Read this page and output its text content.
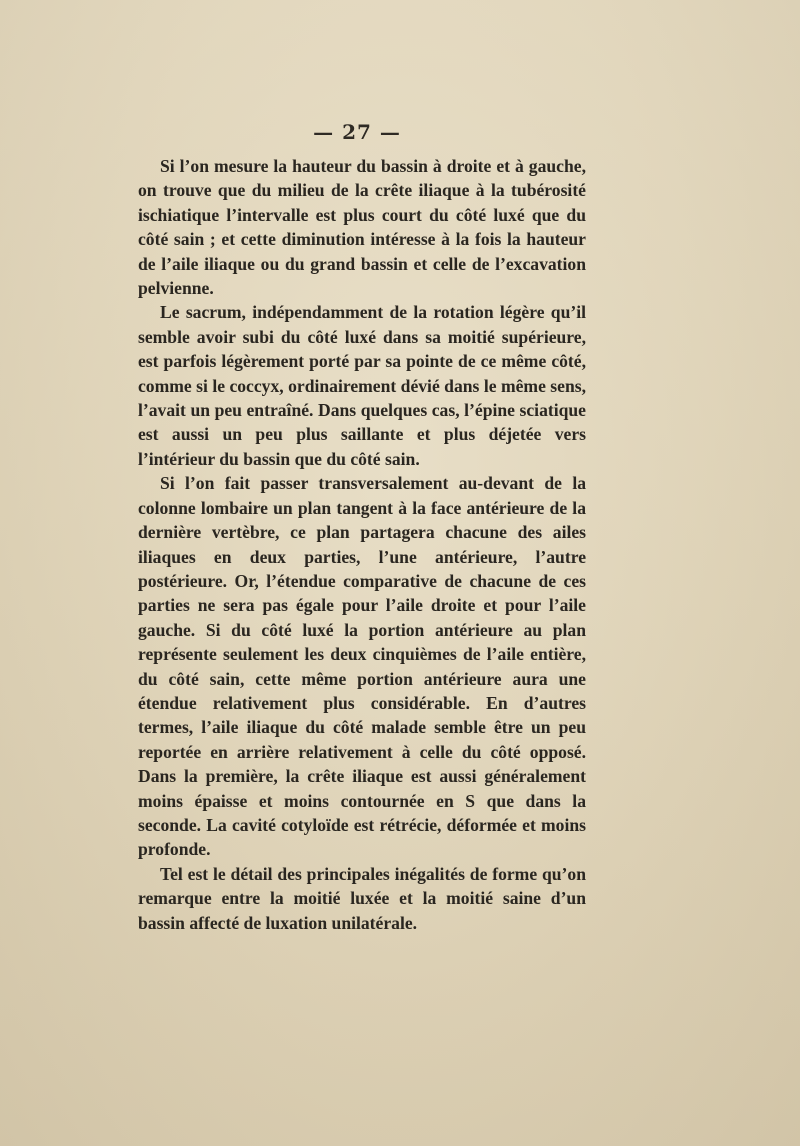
— 27 —

Si l’on mesure la hauteur du bassin à droite et à gauche, on trouve que du milieu de la crête iliaque à la tubérosité ischiatique l’intervalle est plus court du côté luxé que du côté sain ; et cette diminution intéresse à la fois la hauteur de l’aile iliaque ou du grand bassin et celle de l’excavation pelvienne.

Le sacrum, indépendamment de la rotation légère qu’il semble avoir subi du côté luxé dans sa moitié supérieure, est parfois légèrement porté par sa pointe de ce même côté, comme si le coccyx, ordinairement dévié dans le même sens, l’avait un peu entraîné. Dans quelques cas, l’épine sciatique est aussi un peu plus saillante et plus déjetée vers l’intérieur du bassin que du côté sain.

Si l’on fait passer transversalement au-devant de la colonne lombaire un plan tangent à la face antérieure de la dernière vertèbre, ce plan partagera chacune des ailes iliaques en deux parties, l’une antérieure, l’autre postérieure. Or, l’étendue comparative de chacune de ces parties ne sera pas égale pour l’aile droite et pour l’aile gauche. Si du côté luxé la portion antérieure au plan représente seulement les deux cinquièmes de l’aile entière, du côté sain, cette même portion antérieure aura une étendue relativement plus considérable. En d’autres termes, l’aile iliaque du côté malade semble être un peu reportée en arrière relativement à celle du côté opposé. Dans la première, la crête iliaque est aussi généralement moins épaisse et moins contournée en S que dans la seconde. La cavité cotyloïde est rétrécie, déformée et moins profonde.

Tel est le détail des principales inégalités de forme qu’on remarque entre la moitié luxée et la moitié saine d’un bassin affecté de luxation unilatérale.
